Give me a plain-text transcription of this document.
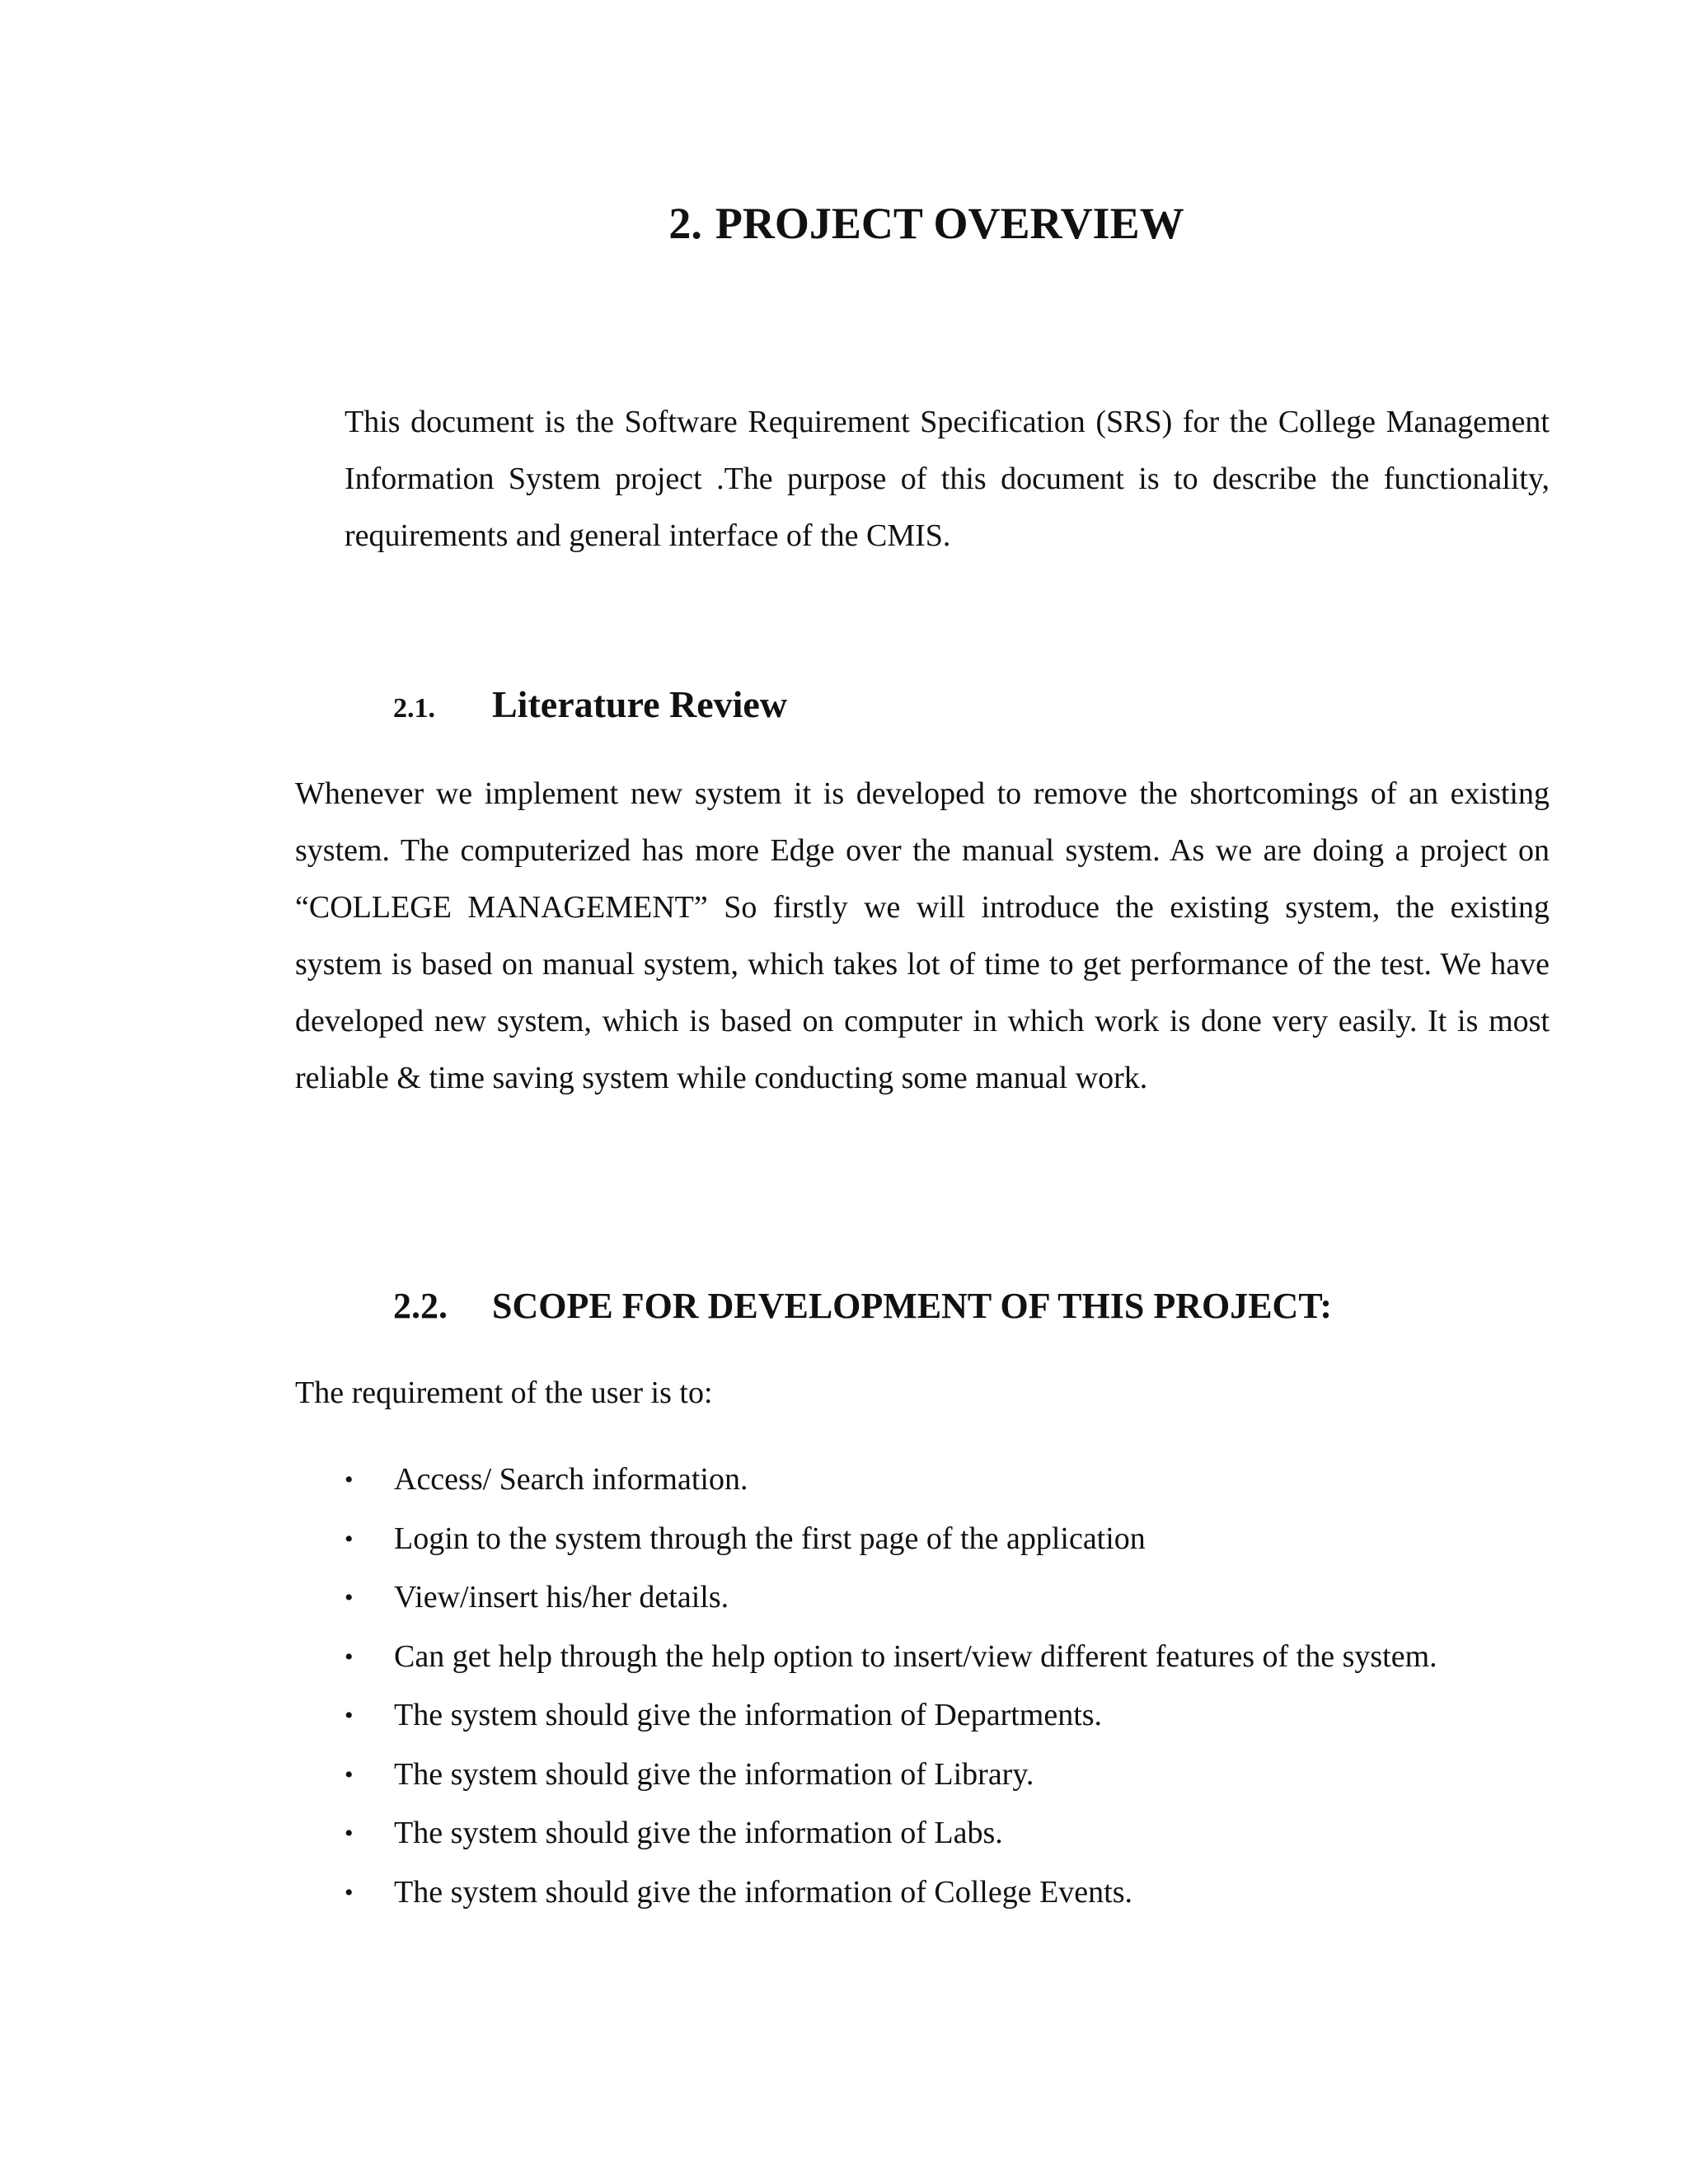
2. PROJECT OVERVIEW

This document is the Software Requirement Specification (SRS) for the College Management Information System project .The purpose of this document is to describe the functionality, requirements and general interface of the CMIS.

2.1. Literature Review

Whenever we implement new system it is developed to remove the shortcomings of an existing system. The computerized has more Edge over the manual system. As we are doing a project on “COLLEGE MANAGEMENT” So firstly we will introduce the existing system, the existing system is based on manual system, which takes lot of time to get performance of the test. We have developed new system, which is based on computer in which work is done very easily. It is most reliable & time saving system while conducting some manual work.

2.2. SCOPE FOR DEVELOPMENT OF THIS PROJECT:

The requirement of the user is to:

• Access/ Search information.
• Login to the system through the first page of the application
• View/insert his/her details.
• Can get help through the help option to insert/view different features of the system.
• The system should give the information of Departments.
• The system should give the information of Library.
• The system should give the information of Labs.
• The system should give the information of College Events.
